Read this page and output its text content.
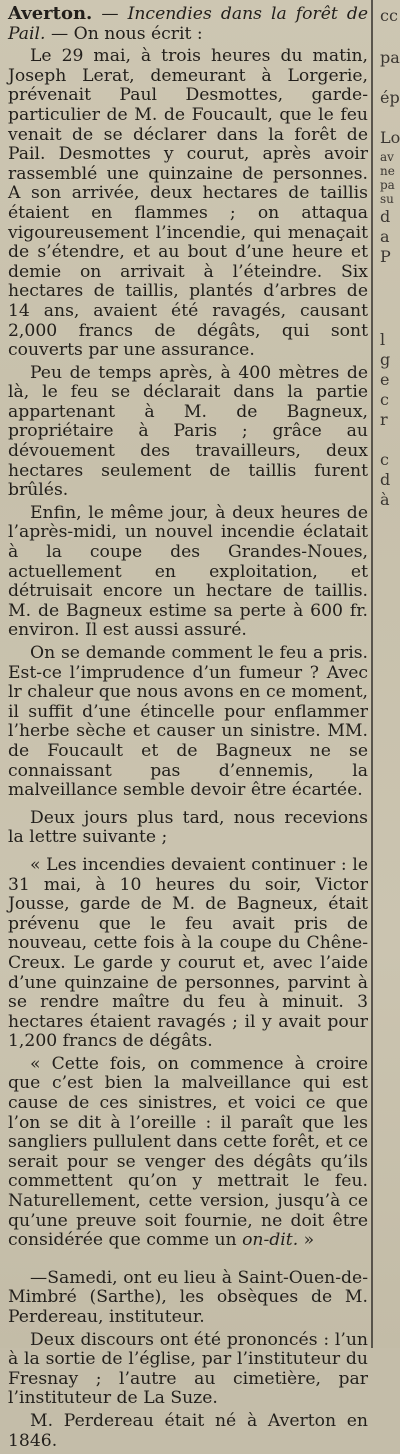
Averton. — Incendies dans la forêt de Pail. — On nous écrit :

Le 29 mai, à trois heures du matin, Joseph Lerat, demeurant à Lorgerie, prévenait Paul Desmottes, garde-particulier de M. de Foucault, que le feu venait de se déclarer dans la forêt de Pail. Desmottes y courut, après avoir rassemblé une quinzaine de personnes. A son arrivée, deux hectares de taillis étaient en flammes ; on attaqua vigoureusement l’incendie, qui menaçait de s’étendre, et au bout d’une heure et demie on arrivait à l’éteindre. Six hectares de taillis, plantés d’arbres de 14 ans, avaient été ravagés, causant 2,000 francs de dégâts, qui sont couverts par une assurance.

Peu de temps après, à 400 mètres de là, le feu se déclarait dans la partie appartenant à M. de Bagneux, propriétaire à Paris ; grâce au dévouement des travailleurs, deux hectares seulement de taillis furent brûlés.

Enfin, le même jour, à deux heures de l’après-midi, un nouvel incendie éclatait à la coupe des Grandes-Noues, actuellement en exploitation, et détruisait encore un hectare de taillis. M. de Bagneux estime sa perte à 600 fr. environ. Il est aussi assuré.

On se demande comment le feu a pris. Est-ce l’imprudence d’un fumeur ? Avec lr chaleur que nous avons en ce moment, il suffit d’une étincelle pour enflammer l’herbe sèche et causer un sinistre. MM. de Foucault et de Bagneux ne se connaissant pas d’ennemis, la malveillance semble devoir être écartée.

Deux jours plus tard, nous recevions la lettre suivante ;

« Les incendies devaient continuer : le 31 mai, à 10 heures du soir, Victor Jousse, garde de M. de Bagneux, était prévenu que le feu avait pris de nouveau, cette fois à la coupe du Chêne-Creux. Le garde y courut et, avec l’aide d’une quinzaine de personnes, parvint à se rendre maître du feu à minuit. 3 hectares étaient ravagés ; il y avait pour 1,200 francs de dégâts.

« Cette fois, on commence à croire que c’est bien la malveillance qui est cause de ces sinistres, et voici ce que l’on se dit à l’oreille : il paraît que les sangliers pullulent dans cette forêt, et ce serait pour se venger des dégâts qu’ils commettent qu’on y mettrait le feu. Naturellement, cette version, jusqu’à ce qu’une preuve soit fournie, ne doit être considérée que comme un on-dit. »

—Samedi, ont eu lieu à Saint-Ouen-de-Mimbré (Sarthe), les obsèques de M. Perdereau, instituteur.

Deux discours ont été prononcés : l’un à la sortie de l’église, par l’instituteur du Fresnay ; l’autre au cimetière, par l’instituteur de La Suze.

M. Perdereau était né à Averton en 1846.

cc
pa
ép
Lo
av
ne
pa
su
d
a
P
l
g
e
c
r
c
d
à
